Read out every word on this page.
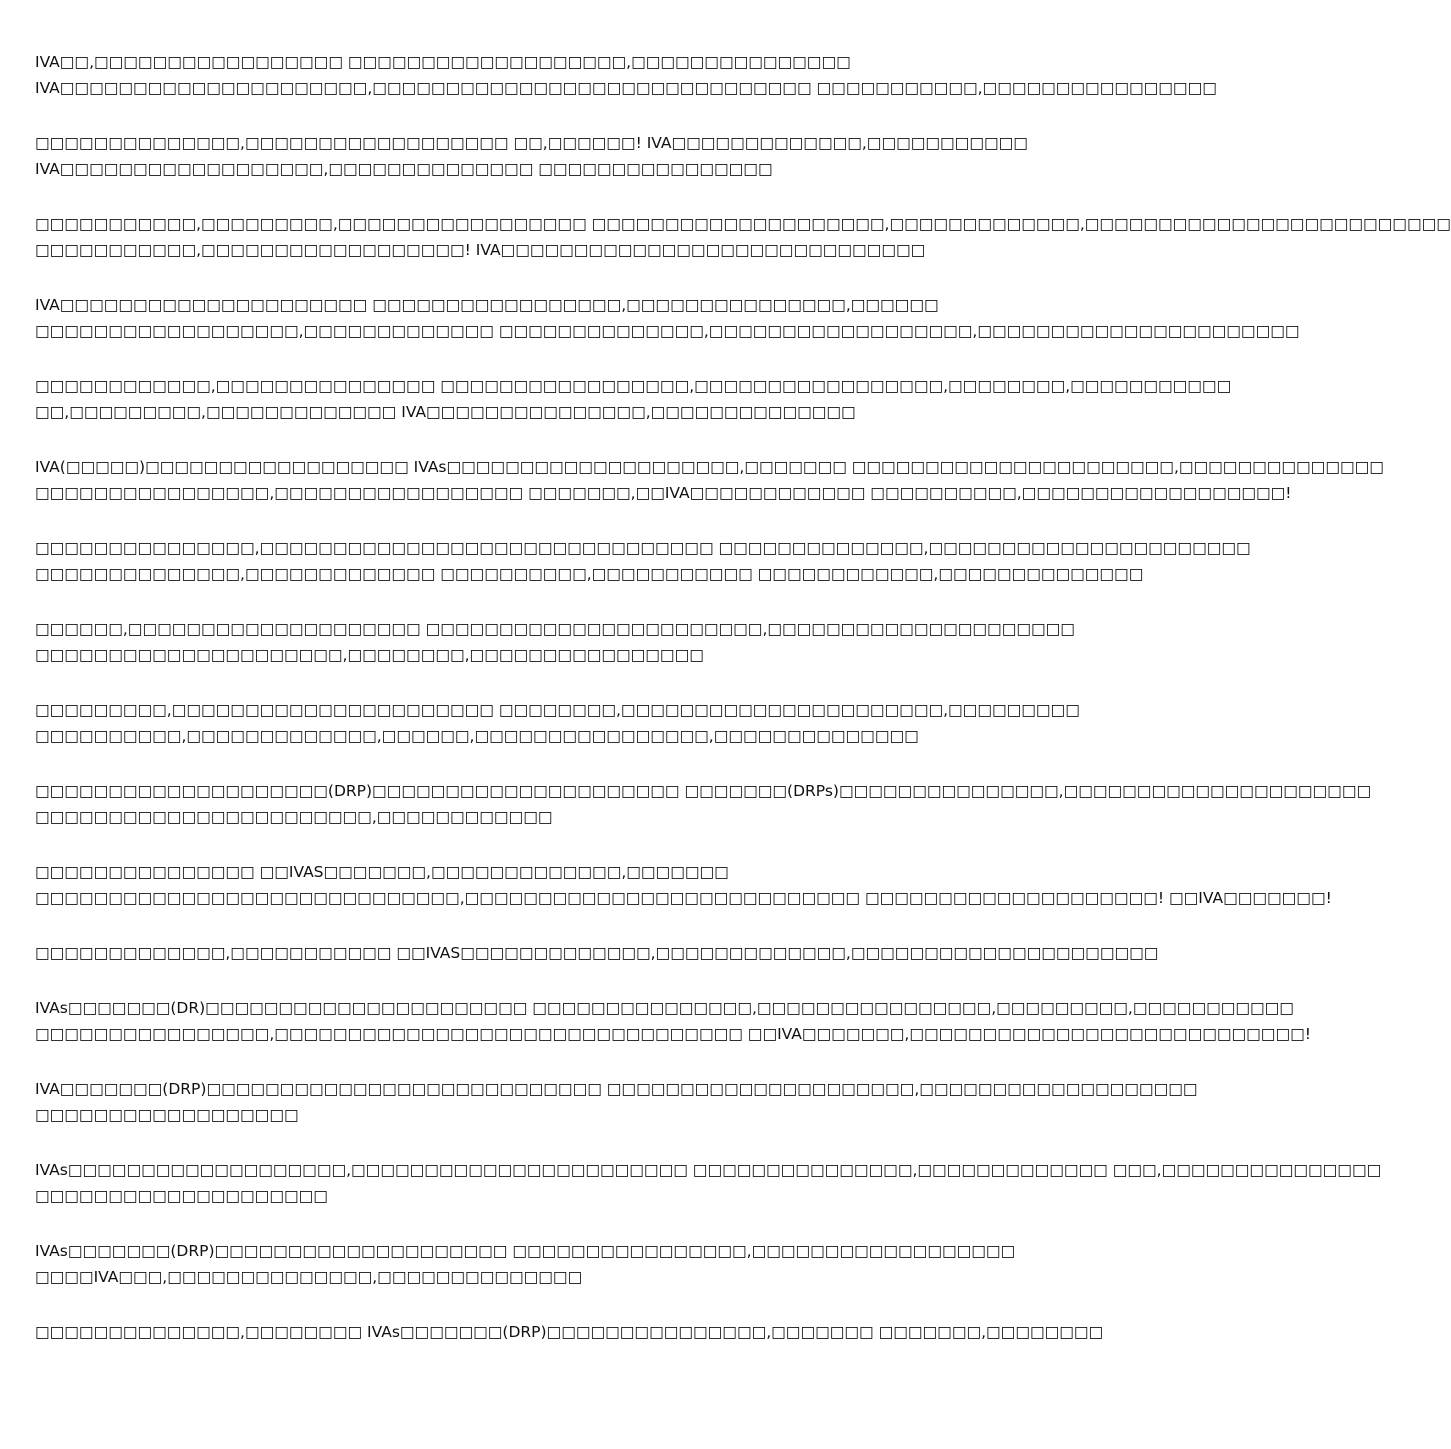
IVA□□,□□□□□□□□□□□□□□□□□ □□□□□□□□□□□□□□□□□□□,□□□□□□□□□□□□□□□
IVA□□□□□□□□□□□□□□□□□□□□□,□□□□□□□□□□□□□□□□□□□□□□□□□□□□□□ □□□□□□□□□□□,□□□□□□□□□□□□□□□□
□□□□□□□□□□□□□□,□□□□□□□□□□□□□□□□□□ □□,□□□□□□! IVA□□□□□□□□□□□□□,□□□□□□□□□□□
IVA□□□□□□□□□□□□□□□□□□,□□□□□□□□□□□□□□ □□□□□□□□□□□□□□□□
□□□□□□□□□□□,□□□□□□□□□,□□□□□□□□□□□□□□□□□ □□□□□□□□□□□□□□□□□□□□,□□□□□□□□□□□□□,□□□□□□□□□□□□□□□□□□□□□□□□□
□□□□□□□□□□□,□□□□□□□□□□□□□□□□□□! IVA□□□□□□□□□□□□□□□□□□□□□□□□□□□□□
IVA□□□□□□□□□□□□□□□□□□□□□ □□□□□□□□□□□□□□□□□,□□□□□□□□□□□□□□□,□□□□□□
□□□□□□□□□□□□□□□□□□,□□□□□□□□□□□□□ □□□□□□□□□□□□□□,□□□□□□□□□□□□□□□□□□,□□□□□□□□□□□□□□□□□□□□□□
□□□□□□□□□□□□,□□□□□□□□□□□□□□□ □□□□□□□□□□□□□□□□□,□□□□□□□□□□□□□□□□□,□□□□□□□□,□□□□□□□□□□□
□□,□□□□□□□□□,□□□□□□□□□□□□□ IVA□□□□□□□□□□□□□□□,□□□□□□□□□□□□□□
IVA(□□□□□)□□□□□□□□□□□□□□□□□□ IVAs□□□□□□□□□□□□□□□□□□□□,□□□□□□□ □□□□□□□□□□□□□□□□□□□□□□,□□□□□□□□□□□□□□
□□□□□□□□□□□□□□□□,□□□□□□□□□□□□□□□□□ □□□□□□□,□□IVA□□□□□□□□□□□□ □□□□□□□□□□,□□□□□□□□□□□□□□□□□□!
□□□□□□□□□□□□□□□,□□□□□□□□□□□□□□□□□□□□□□□□□□□□□□□ □□□□□□□□□□□□□□,□□□□□□□□□□□□□□□□□□□□□□
□□□□□□□□□□□□□□,□□□□□□□□□□□□□ □□□□□□□□□□,□□□□□□□□□□□ □□□□□□□□□□□□,□□□□□□□□□□□□□□
□□□□□□,□□□□□□□□□□□□□□□□□□□□ □□□□□□□□□□□□□□□□□□□□□□□,□□□□□□□□□□□□□□□□□□□□□
□□□□□□□□□□□□□□□□□□□□□,□□□□□□□□,□□□□□□□□□□□□□□□□
□□□□□□□□□,□□□□□□□□□□□□□□□□□□□□□□ □□□□□□□□,□□□□□□□□□□□□□□□□□□□□□□,□□□□□□□□□
□□□□□□□□□□,□□□□□□□□□□□□□,□□□□□□,□□□□□□□□□□□□□□□□,□□□□□□□□□□□□□□
□□□□□□□□□□□□□□□□□□□□(DRP)□□□□□□□□□□□□□□□□□□□□□ □□□□□□□(DRPs)□□□□□□□□□□□□□□□,□□□□□□□□□□□□□□□□□□□□□
□□□□□□□□□□□□□□□□□□□□□□□,□□□□□□□□□□□□
□□□□□□□□□□□□□□□ □□IVAS□□□□□□□,□□□□□□□□□□□□□,□□□□□□□
□□□□□□□□□□□□□□□□□□□□□□□□□□□□□,□□□□□□□□□□□□□□□□□□□□□□□□□□□ □□□□□□□□□□□□□□□□□□□□! □□IVA□□□□□□□!
□□□□□□□□□□□□□,□□□□□□□□□□□ □□IVAS□□□□□□□□□□□□□,□□□□□□□□□□□□□,□□□□□□□□□□□□□□□□□□□□□
IVAs□□□□□□□(DR)□□□□□□□□□□□□□□□□□□□□□□ □□□□□□□□□□□□□□□,□□□□□□□□□□□□□□□□,□□□□□□□□□,□□□□□□□□□□□
□□□□□□□□□□□□□□□□,□□□□□□□□□□□□□□□□□□□□□□□□□□□□□□□□ □□IVA□□□□□□□,□□□□□□□□□□□□□□□□□□□□□□□□□□□!
IVA□□□□□□□(DRP)□□□□□□□□□□□□□□□□□□□□□□□□□□□ □□□□□□□□□□□□□□□□□□□□□,□□□□□□□□□□□□□□□□□□□
□□□□□□□□□□□□□□□□□□
IVAs□□□□□□□□□□□□□□□□□□□,□□□□□□□□□□□□□□□□□□□□□□□ □□□□□□□□□□□□□□□,□□□□□□□□□□□□□ □□□,□□□□□□□□□□□□□□□
□□□□□□□□□□□□□□□□□□□□
IVAs□□□□□□□(DRP)□□□□□□□□□□□□□□□□□□□□ □□□□□□□□□□□□□□□□,□□□□□□□□□□□□□□□□□□
□□□□IVA□□□,□□□□□□□□□□□□□□,□□□□□□□□□□□□□□
□□□□□□□□□□□□□□,□□□□□□□□ IVAs□□□□□□□(DRP)□□□□□□□□□□□□□□□,□□□□□□□ □□□□□□□,□□□□□□□□
